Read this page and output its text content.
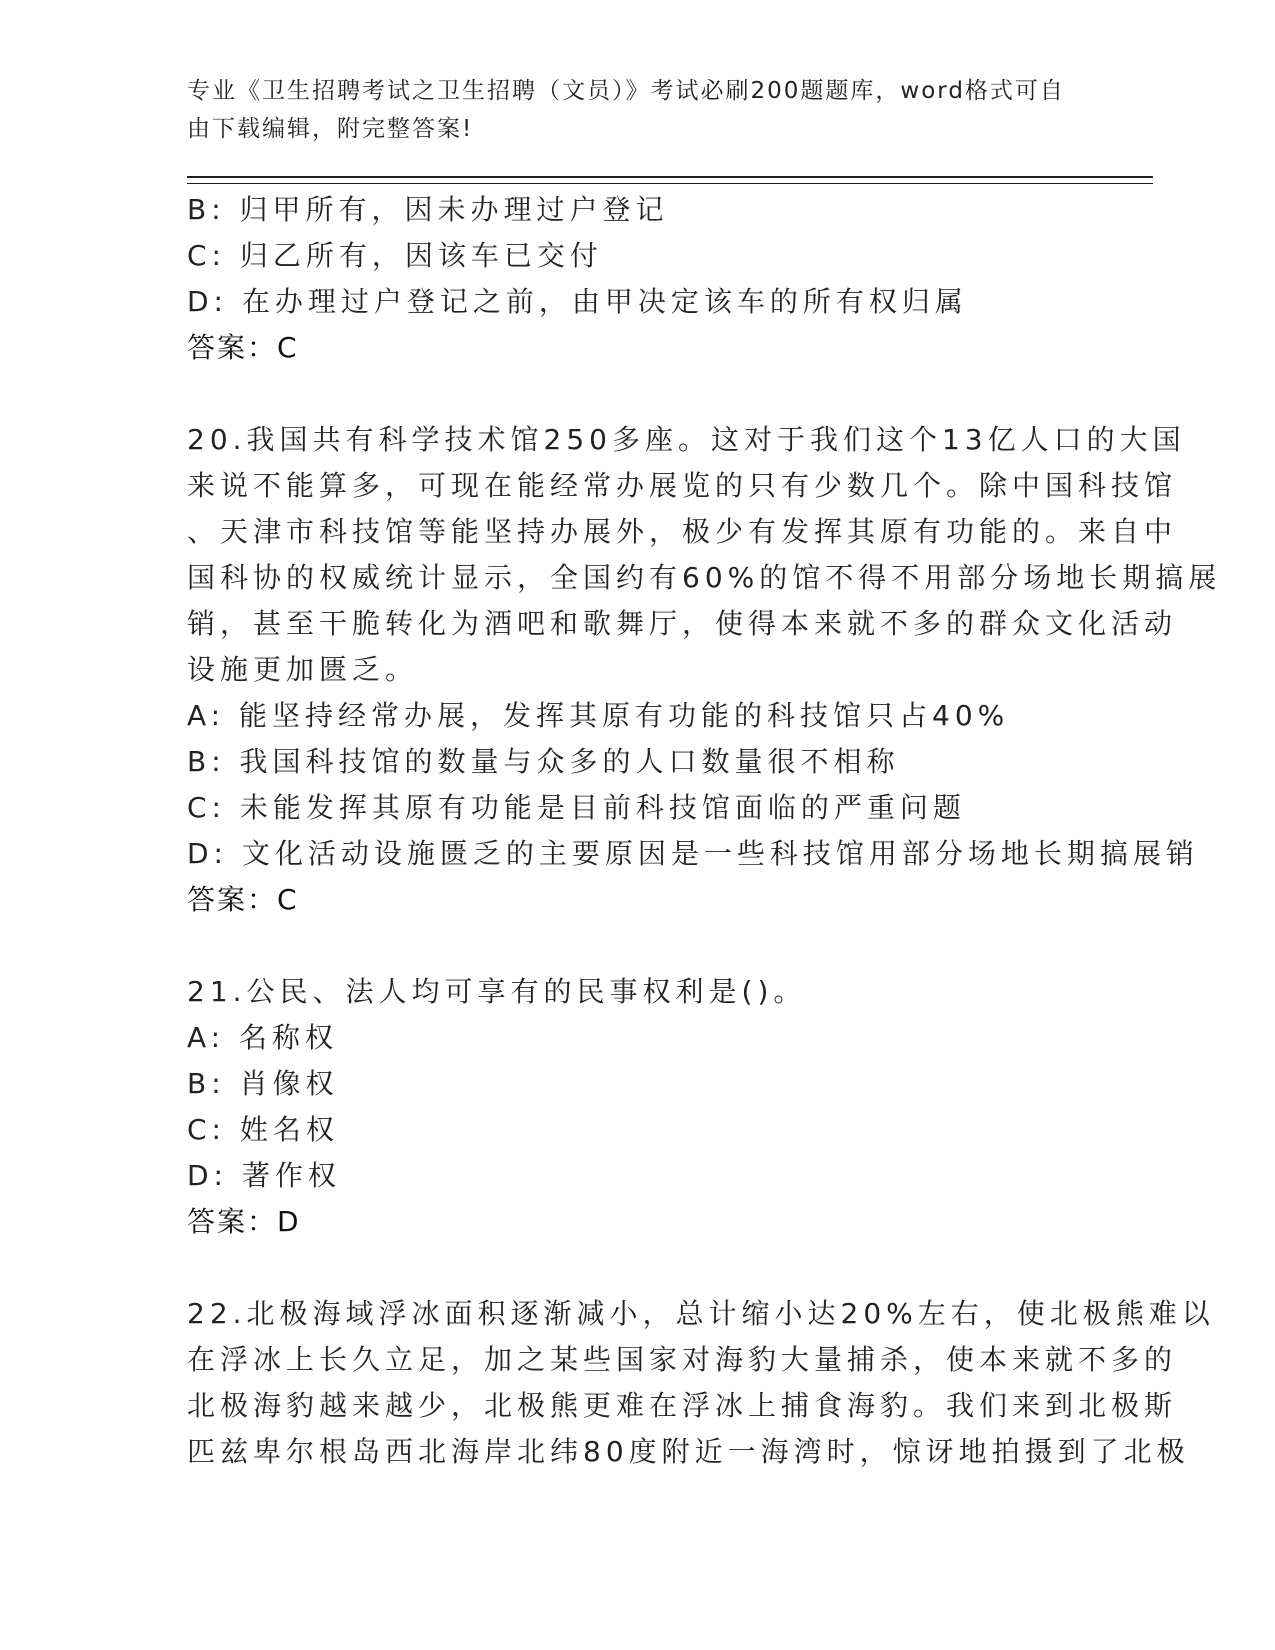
专业《卫生招聘考试之卫生招聘（文员）》考试必刷200题题库，word格式可自
由下载编辑，附完整答案!
B: 归甲所有，因未办理过户登记
C: 归乙所有，因该车已交付
D: 在办理过户登记之前，由甲决定该车的所有权归属
答案：C
20.我国共有科学技术馆250多座。这对于我们这个13亿人口的大国
来说不能算多，可现在能经常办展览的只有少数几个。除中国科技馆
、天津市科技馆等能坚持办展外，极少有发挥其原有功能的。来自中
国科协的权威统计显示，全国约有60%的馆不得不用部分场地长期搞展
销，甚至干脆转化为酒吧和歌舞厅，使得本来就不多的群众文化活动
设施更加匮乏。
A: 能坚持经常办展，发挥其原有功能的科技馆只占40%
B: 我国科技馆的数量与众多的人口数量很不相称
C: 未能发挥其原有功能是目前科技馆面临的严重问题
D: 文化活动设施匮乏的主要原因是一些科技馆用部分场地长期搞展销
答案：C
21.公民、法人均可享有的民事权利是()。
A: 名称权
B: 肖像权
C: 姓名权
D: 著作权
答案：D
22.北极海域浮冰面积逐渐减小，总计缩小达20%左右，使北极熊难以
在浮冰上长久立足，加之某些国家对海豹大量捕杀，使本来就不多的
北极海豹越来越少，北极熊更难在浮冰上捕食海豹。我们来到北极斯
匹兹卑尔根岛西北海岸北纬80度附近一海湾时，惊讶地拍摄到了北极
